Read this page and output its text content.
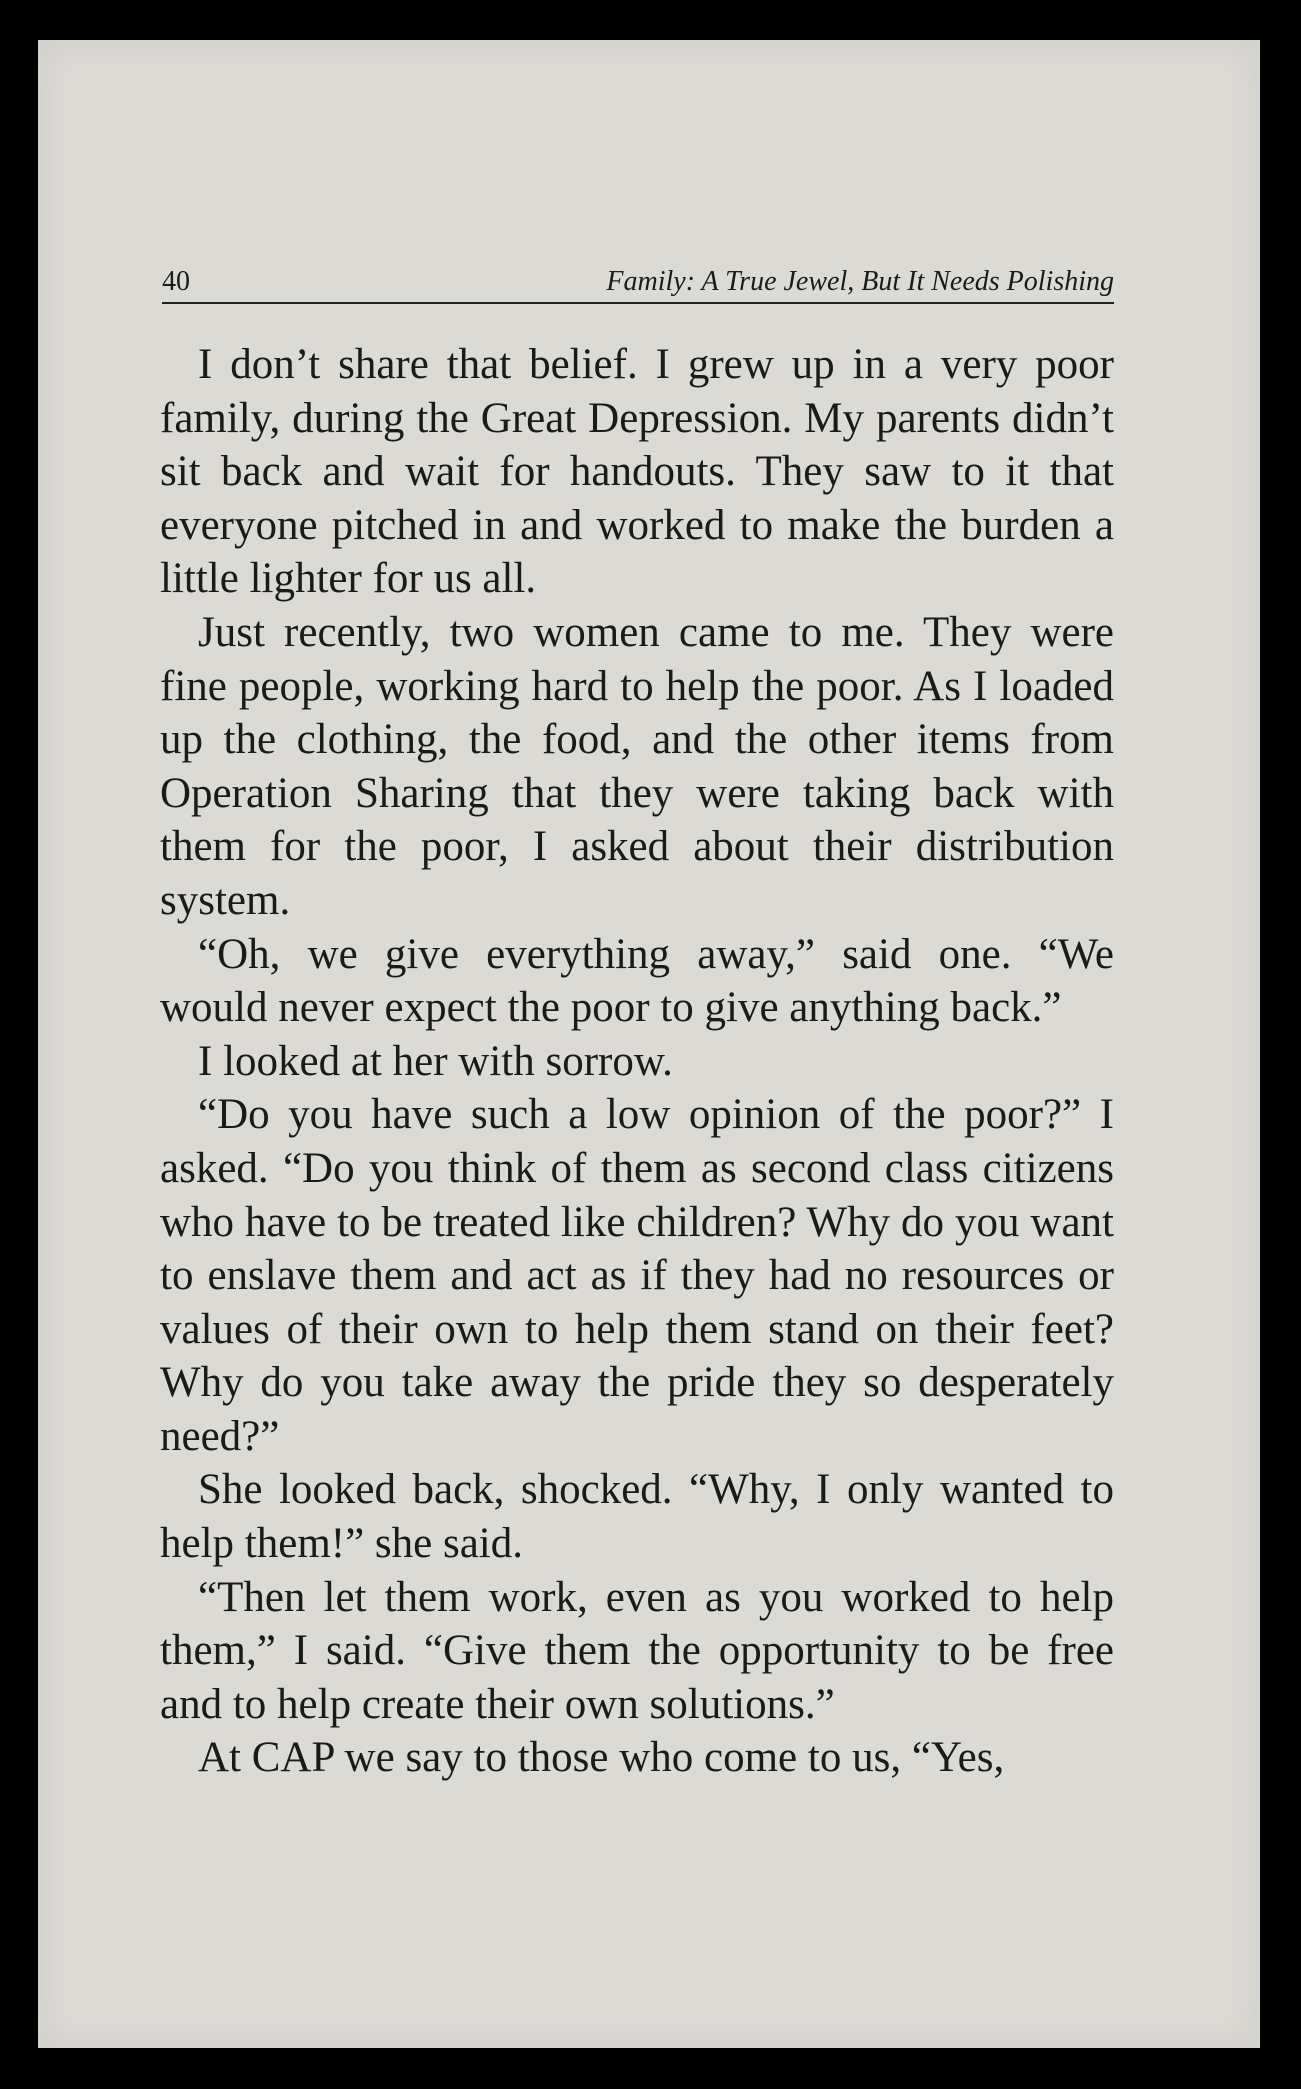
40	Family: A True Jewel, But It Needs Polishing

I don’t share that belief. I grew up in a very poor family, during the Great Depression. My parents didn’t sit back and wait for handouts. They saw to it that everyone pitched in and worked to make the burden a little lighter for us all.

Just recently, two women came to me. They were fine people, working hard to help the poor. As I loaded up the clothing, the food, and the other items from Operation Sharing that they were taking back with them for the poor, I asked about their distribution system.

“Oh, we give everything away,” said one. “We would never expect the poor to give anything back.”

I looked at her with sorrow.

“Do you have such a low opinion of the poor?” I asked. “Do you think of them as second class citizens who have to be treated like children? Why do you want to enslave them and act as if they had no resources or values of their own to help them stand on their feet? Why do you take away the pride they so desperately need?”

She looked back, shocked. “Why, I only wanted to help them!” she said.

“Then let them work, even as you worked to help them,” I said. “Give them the opportunity to be free and to help create their own solutions.”

At CAP we say to those who come to us, “Yes,
